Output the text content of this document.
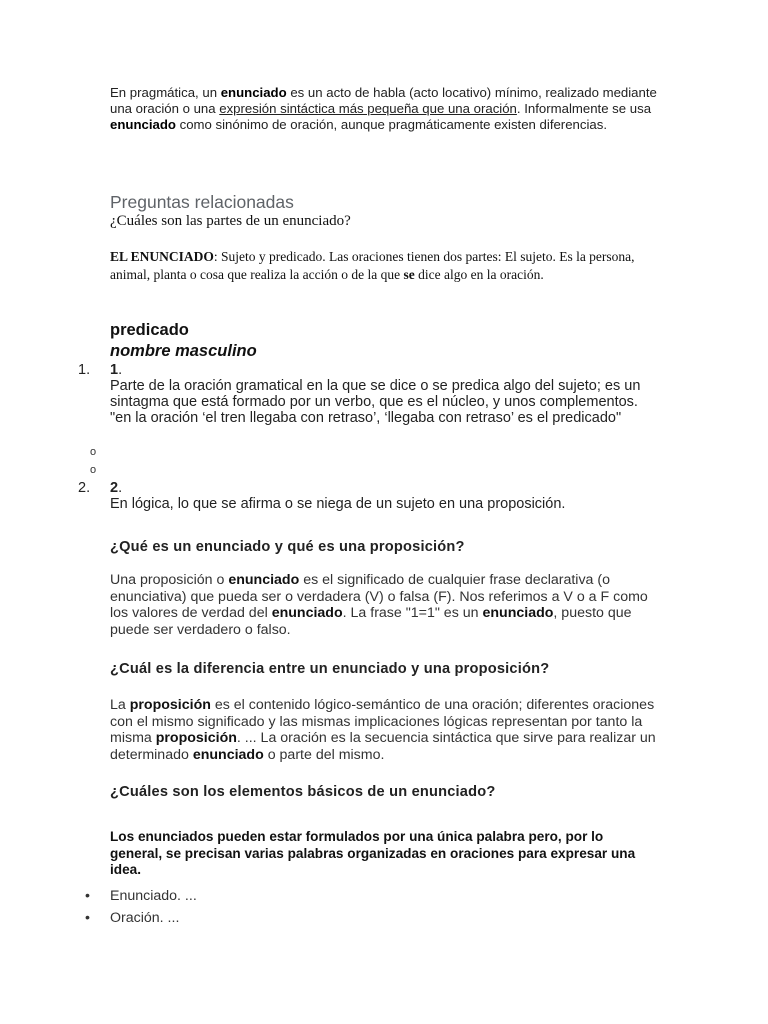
En pragmática, un enunciado es un acto de habla (acto locativo) mínimo, realizado mediante una oración o una expresión sintáctica más pequeña que una oración. Informalmente se usa enunciado como sinónimo de oración, aunque pragmáticamente existen diferencias.
Preguntas relacionadas
¿Cuáles son las partes de un enunciado?
EL ENUNCIADO: Sujeto y predicado. Las oraciones tienen dos partes: El sujeto. Es la persona, animal, planta o cosa que realiza la acción o de la que se dice algo en la oración.
predicado
nombre masculino
1. 1.
Parte de la oración gramatical en la que se dice o se predica algo del sujeto; es un sintagma que está formado por un verbo, que es el núcleo, y unos complementos.
"en la oración ‘el tren llegaba con retraso’, ‘llegaba con retraso’ es el predicado"
o
o
2. 2.
En lógica, lo que se afirma o se niega de un sujeto en una proposición.
¿Qué es un enunciado y qué es una proposición?
Una proposición o enunciado es el significado de cualquier frase declarativa (o enunciativa) que pueda ser o verdadera (V) o falsa (F). Nos referimos a V o a F como los valores de verdad del enunciado. La frase "1=1" es un enunciado, puesto que puede ser verdadero o falso.
¿Cuál es la diferencia entre un enunciado y una proposición?
La proposición es el contenido lógico-semántico de una oración; diferentes oraciones con el mismo significado y las mismas implicaciones lógicas representan por tanto la misma proposición. ... La oración es la secuencia sintáctica que sirve para realizar un determinado enunciado o parte del mismo.
¿Cuáles son los elementos básicos de un enunciado?
Los enunciados pueden estar formulados por una única palabra pero, por lo general, se precisan varias palabras organizadas en oraciones para expresar una idea.
• Enunciado. ...
• Oración. ...
